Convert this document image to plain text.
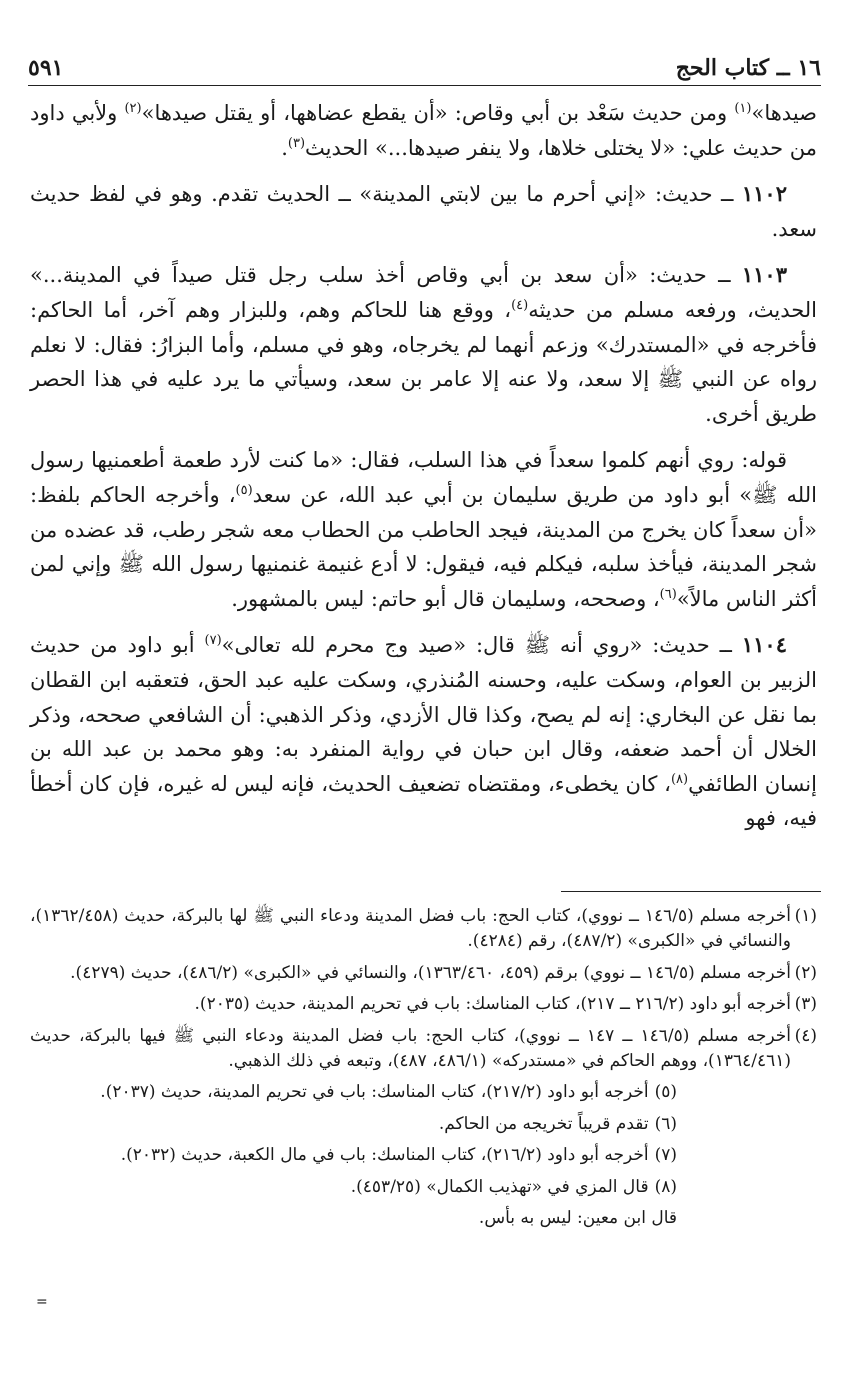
١٦ ــ كتاب الحج
٥٩١

صيدها»$^{(١)}$ ومن حديث سَعْد بن أبي وقاص: «أن يقطع عضاهها، أو يقتل صيدها»$^{(٢)}$ ولأبي داود من حديث علي: «لا يختلى خلاها، ولا ينفر صيدها...» الحديث$^{(٣)}$.

١١٠٢ ــ حديث: «إني أحرم ما بين لابتي المدينة» ــ الحديث تقدم. وهو في لفظ حديث سعد.

١١٠٣ ــ حديث: «أن سعد بن أبي وقاص أخذ سلب رجل قتل صيداً في المدينة...» الحديث، ورفعه مسلم من حديثه$^{(٤)}$، ووقع هنا للحاكم وهم، وللبزار وهم آخر، أما الحاكم: فأخرجه في «المستدرك» وزعم أنهما لم يخرجاه، وهو في مسلم، وأما البزارُ: فقال: لا نعلم رواه عن النبي ﷺ إلا سعد، ولا عنه إلا عامر بن سعد، وسيأتي ما يرد عليه في هذا الحصر طريق أخرى.

قوله: روي أنهم كلموا سعداً في هذا السلب، فقال: «ما كنت لأرد طعمة أطعمنيها رسول الله ﷺ» أبو داود من طريق سليمان بن أبي عبد الله، عن سعد$^{(٥)}$، وأخرجه الحاكم بلفظ: «أن سعداً كان يخرج من المدينة، فيجد الحاطب من الحطاب معه شجر رطب، قد عضده من شجر المدينة، فيأخذ سلبه، فيكلم فيه، فيقول: لا أدع غنيمة غنمنيها رسول الله ﷺ وإني لمن أكثر الناس مالاً»$^{(٦)}$، وصححه، وسليمان قال أبو حاتم: ليس بالمشهور.

١١٠٤ ــ حديث: «روي أنه ﷺ قال: «صيد وج محرم لله تعالى»$^{(٧)}$ أبو داود من حديث الزبير بن العوام، وسكت عليه، وحسنه المُنذري، وسكت عليه عبد الحق، فتعقبه ابن القطان بما نقل عن البخاري: إنه لم يصح، وكذا قال الأزدي، وذكر الذهبي: أن الشافعي صححه، وذكر الخلال أن أحمد ضعفه، وقال ابن حبان في رواية المنفرد به: وهو محمد بن عبد الله بن إنسان الطائفي$^{(٨)}$، كان يخطىء، ومقتضاه تضعيف الحديث، فإنه ليس له غيره، فإن كان أخطأ فيه، فهو

(١)
أخرجه مسلم (١٤٦/٥ ــ نووي)، كتاب الحج: باب فضل المدينة ودعاء النبي ﷺ لها بالبركة، حديث (١٣٦٢/٤٥٨)، والنسائي في «الكبرى» (٤٨٧/٢)، رقم (٤٢٨٤).
(٢)
أخرجه مسلم (١٤٦/٥ ــ نووي) برقم (٤٥٩، ١٣٦٣/٤٦٠)، والنسائي في «الكبرى» (٤٨٦/٢)، حديث (٤٢٧٩).
(٣)
أخرجه أبو داود (٢١٦/٢ ــ ٢١٧)، كتاب المناسك: باب في تحريم المدينة، حديث (٢٠٣٥).
(٤)
أخرجه مسلم (١٤٦/٥ ــ ١٤٧ ــ نووي)، كتاب الحج: باب فضل المدينة ودعاء النبي ﷺ فيها بالبركة، حديث (١٣٦٤/٤٦١)، ووهم الحاكم في «مستدركه» (٤٨٦/١، ٤٨٧)، وتبعه في ذلك الذهبي.
(٥)أخرجه أبو داود (٢١٧/٢)، كتاب المناسك: باب في تحريم المدينة، حديث (٢٠٣٧).
(٦)تقدم قريباً تخريجه من الحاكم.
(٧)أخرجه أبو داود (٢١٦/٢)، كتاب المناسك: باب في مال الكعبة، حديث (٢٠٣٢).
(٨)قال المزي في «تهذيب الكمال» (٤٥٣/٢٥).
قال ابن معين: ليس به بأس.
=
